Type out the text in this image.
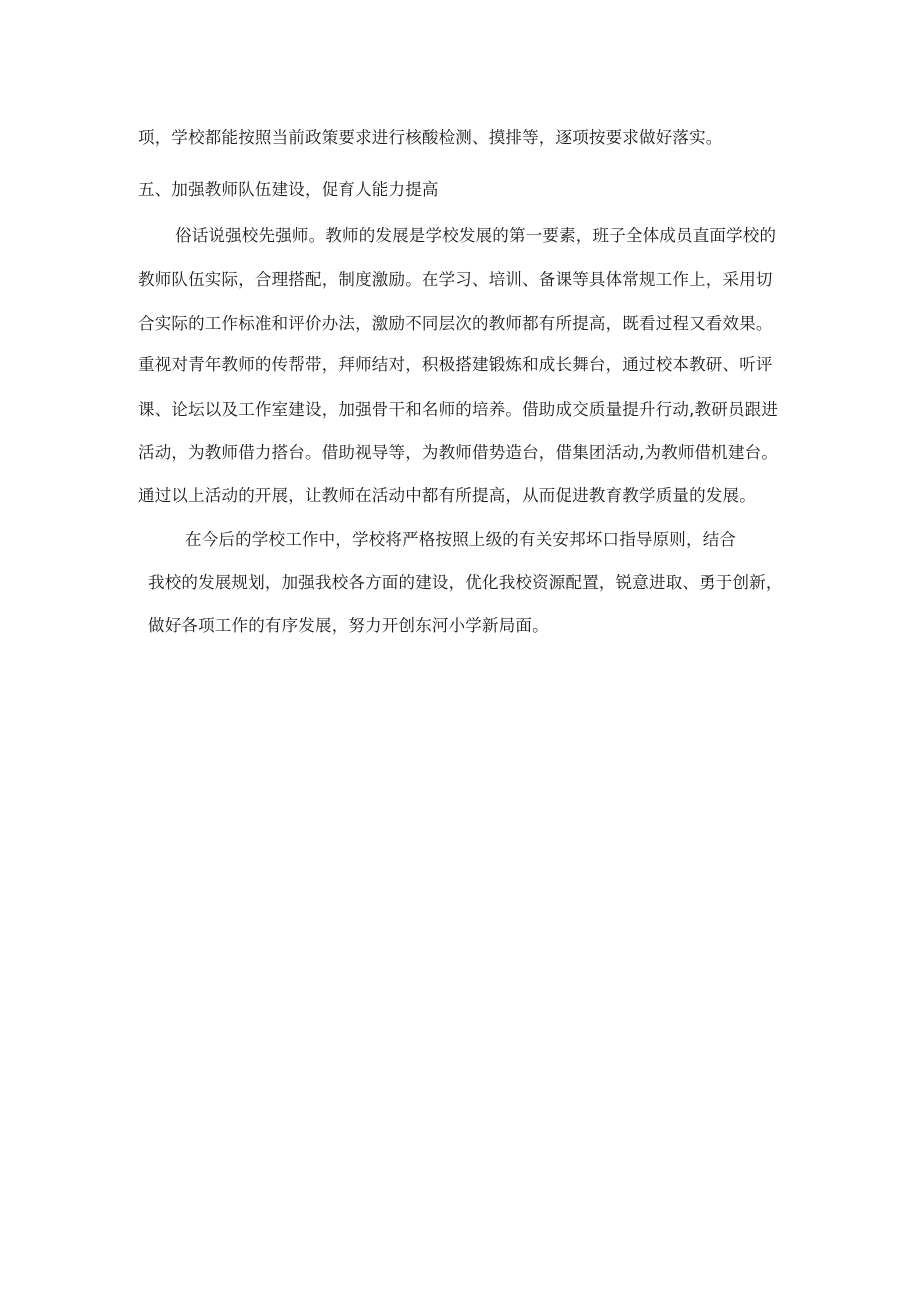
项，学校都能按照当前政策要求进行核酸检测、摸排等，逐项按要求做好落实。
五、加强教师队伍建设，促育人能力提高
俗话说强校先强师。教师的发展是学校发展的第一要素，班子全体成员直面学校的
教师队伍实际，合理搭配，制度激励。在学习、培训、备课等具体常规工作上，采用切
合实际的工作标准和评价办法，激励不同层次的教师都有所提高，既看过程又看效果。
重视对青年教师的传帮带，拜师结对，积极搭建锻炼和成长舞台，通过校本教研、听评
课、论坛以及工作室建设，加强骨干和名师的培养。借助成交质量提升行动,教研员跟进
活动，为教师借力搭台。借助视导等，为教师借势造台，借集团活动,为教师借机建台。
通过以上活动的开展，让教师在活动中都有所提高，从而促进教育教学质量的发展。
在今后的学校工作中，学校将严格按照上级的有关安邦坏口指导原则，结合
我校的发展规划，加强我校各方面的建设，优化我校资源配置，锐意进取、勇于创新，
做好各项工作的有序发展，努力开创东河小学新局面。
